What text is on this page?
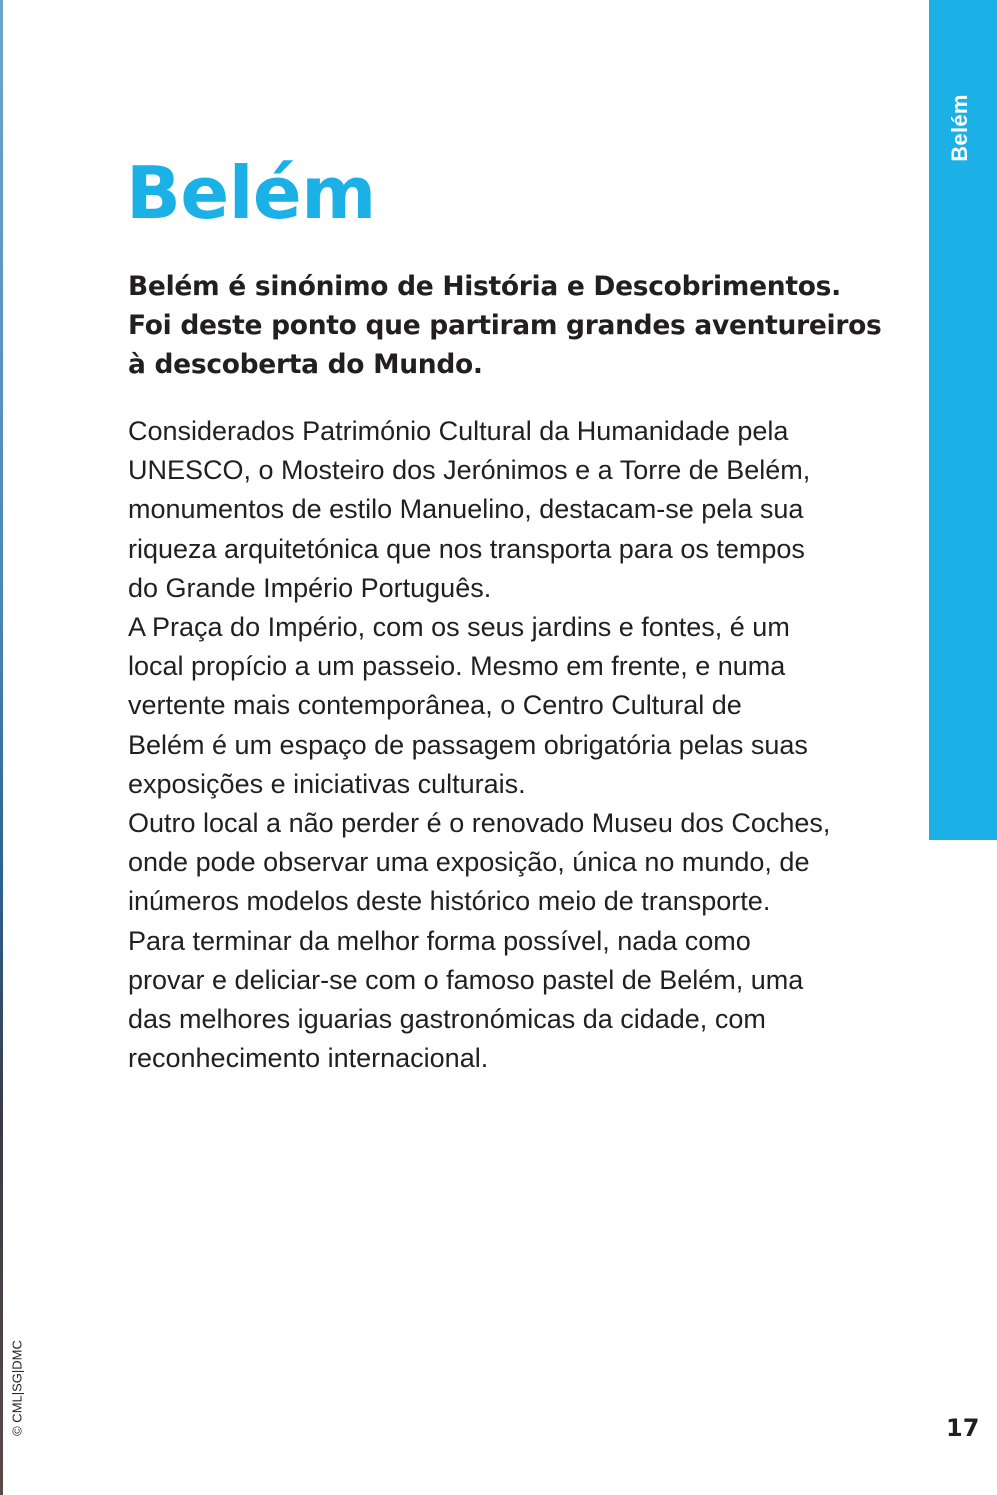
Belém
Belém

Belém é sinónimo de História e Descobrimentos.
Foi deste ponto que partiram grandes aventureiros
à descoberta do Mundo.

Considerados Património Cultural da Humanidade pela
UNESCO, o Mosteiro dos Jerónimos e a Torre de Belém,
monumentos de estilo Manuelino, destacam-se pela sua
riqueza arquitetónica que nos transporta para os tempos
do Grande Império Português.
A Praça do Império, com os seus jardins e fontes, é um
local propício a um passeio. Mesmo em frente, e numa
vertente mais contemporânea, o Centro Cultural de
Belém é um espaço de passagem obrigatória pelas suas
exposições e iniciativas culturais.
Outro local a não perder é o renovado Museu dos Coches,
onde pode observar uma exposição, única no mundo, de
inúmeros modelos deste histórico meio de transporte.
Para terminar da melhor forma possível, nada como
provar e deliciar-se com o famoso pastel de Belém, uma
das melhores iguarias gastronómicas da cidade, com
reconhecimento internacional.
© CML|SG|DMC	17
